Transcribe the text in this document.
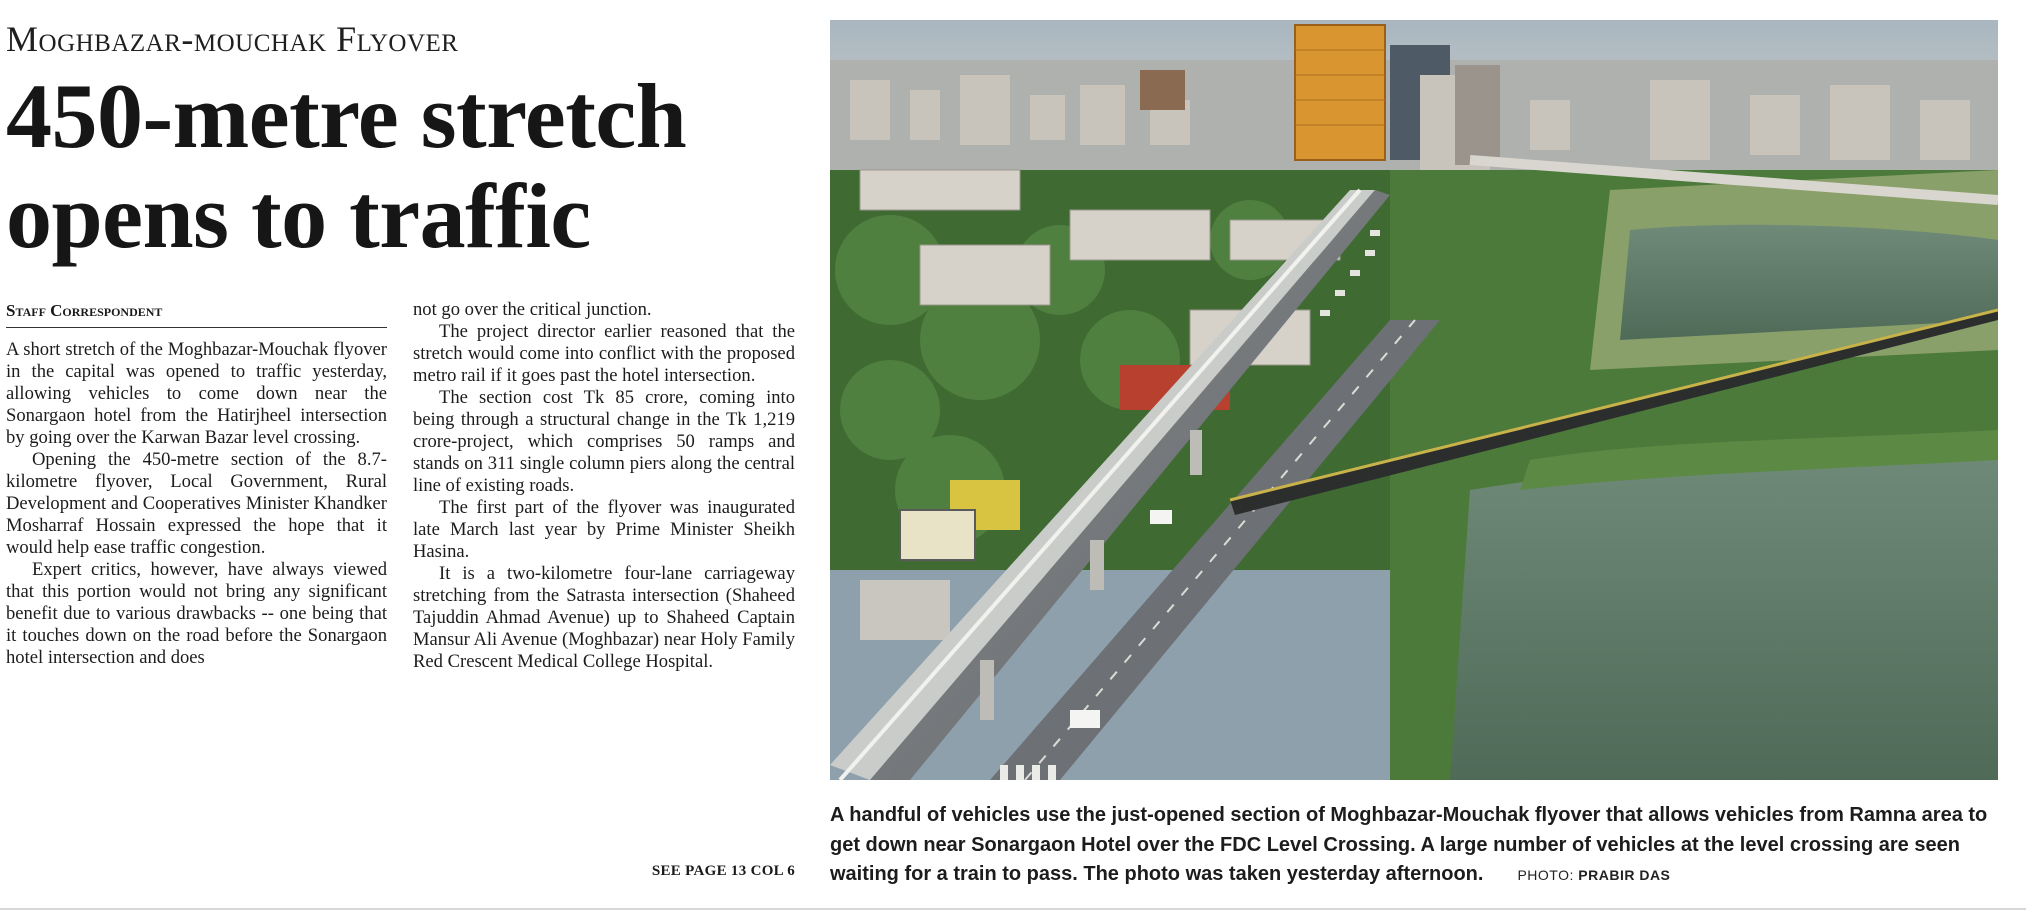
Moghbazar-mouchak Flyover
450-metre stretch
opens to traffic
Staff Correspondent

A short stretch of the Moghbazar-Mouchak flyover in the capital was opened to traffic yesterday, allowing vehicles to come down near the Sonargaon hotel from the Hatirjheel intersection by going over the Karwan Bazar level crossing.

Opening the 450-metre section of the 8.7-kilometre flyover, Local Government, Rural Development and Cooperatives Minister Khandker Mosharraf Hossain expressed the hope that it would help ease traffic congestion.

Expert critics, however, have always viewed that this portion would not bring any significant benefit due to various drawbacks -- one being that it touches down on the road before the Sonargaon hotel intersection and does

not go over the critical junction.

The project director earlier reasoned that the stretch would come into conflict with the proposed metro rail if it goes past the hotel intersection.

The section cost Tk 85 crore, coming into being through a structural change in the Tk 1,219 crore-project, which comprises 50 ramps and stands on 311 single column piers along the central line of existing roads.

The first part of the flyover was inaugurated late March last year by Prime Minister Sheikh Hasina.

It is a two-kilometre four-lane carriageway stretching from the Satrasta intersection (Shaheed Tajuddin Ahmad Avenue) up to Shaheed Captain Mansur Ali Avenue (Moghbazar) near Holy Family Red Crescent Medical College Hospital.

SEE PAGE 13 COL 6
A handful of vehicles use the just-opened section of Moghbazar-Mouchak flyover that allows vehicles from Ramna area to get down near Sonargaon Hotel over the FDC Level Crossing. A large number of vehicles at the level crossing are seen waiting for a train to pass. The photo was taken yesterday afternoon. PHOTO: PRABIR DAS
